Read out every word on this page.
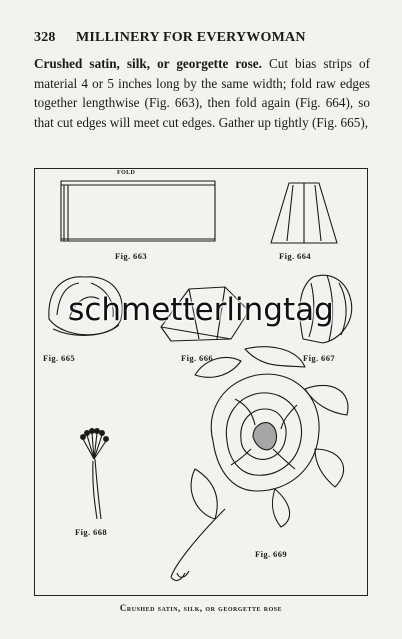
328 MILLINERY FOR EVERYWOMAN

Crushed satin, silk, or georgette rose. Cut bias strips of material 4 or 5 inches long by the same width; fold raw edges together lengthwise (Fig. 663), then fold again (Fig. 664), so that cut edges will meet cut edges. Gather up tightly (Fig. 665),

FOLD
Fig. 663	Fig. 664
Fig. 665	Fig. 666	Fig. 667
Fig. 668
Fig. 669
schmetterlingtag
Crushed satin, silk, or georgette rose
